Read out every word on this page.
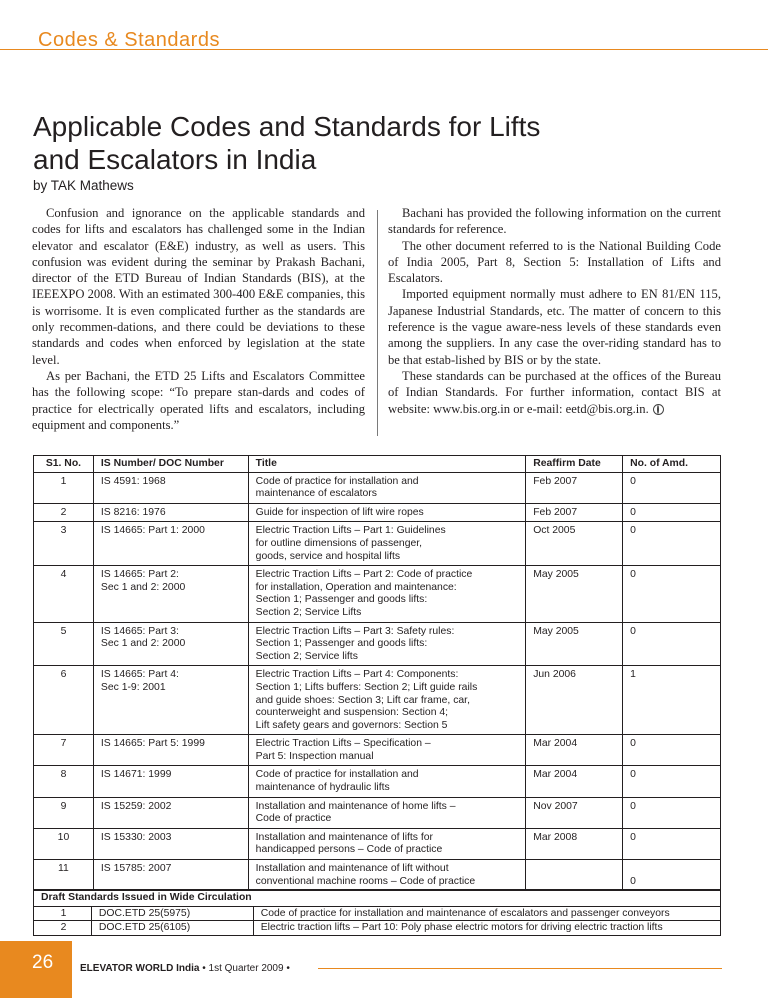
Codes & Standards
Applicable Codes and Standards for Lifts and Escalators in India
by TAK Mathews

Confusion and ignorance on the applicable standards and codes for lifts and escalators has challenged some in the Indian elevator and escalator (E&E) industry, as well as users. This confusion was evident during the seminar by Prakash Bachani, director of the ETD Bureau of Indian Standards (BIS), at the IEEEXPO 2008. With an estimated 300-400 E&E companies, this is worrisome. It is even complicated further as the standards are only recommen-dations, and there could be deviations to these standards and codes when enforced by legislation at the state level.

As per Bachani, the ETD 25 Lifts and Escalators Committee has the following scope: “To prepare stan-dards and codes of practice for electrically operated lifts and escalators, including equipment and components.”

Bachani has provided the following information on the current standards for reference.

The other document referred to is the National Building Code of India 2005, Part 8, Section 5: Installation of Lifts and Escalators.

Imported equipment normally must adhere to EN 81/EN 115, Japanese Industrial Standards, etc. The matter of concern to this reference is the vague aware-ness levels of these standards even among the suppliers. In any case the over-riding standard has to be that estab-lished by BIS or by the state.

These standards can be purchased at the offices of the Bureau of Indian Standards. For further information, contact BIS at website: www.bis.org.in or e-mail: eetd@bis.org.in.

S1. No.	IS Number/ DOC Number	Title	Reaffirm Date	No. of Amd.
1	IS 4591: 1968	Code of practice for installation and
maintenance of escalators	Feb 2007	0
2	IS 8216: 1976	Guide for inspection of lift wire ropes	Feb 2007	0
3	IS 14665: Part 1: 2000	Electric Traction Lifts – Part 1: Guidelines
for outline dimensions of passenger,
goods, service and hospital lifts	Oct 2005	0
4	IS 14665: Part 2:
Sec 1 and 2: 2000	Electric Traction Lifts – Part 2: Code of practice
for installation, Operation and maintenance:
Section 1; Passenger and goods lifts:
Section 2; Service Lifts	May 2005	0
5	IS 14665: Part 3:
Sec 1 and 2: 2000	Electric Traction Lifts – Part 3: Safety rules:
Section 1; Passenger and goods lifts:
Section 2; Service lifts	May 2005	0
6	IS 14665: Part 4:
Sec 1-9: 2001	Electric Traction Lifts – Part 4: Components:
Section 1; Lifts buffers: Section 2; Lift guide rails
and guide shoes: Section 3; Lift car frame, car,
counterweight and suspension: Section 4;
Lift safety gears and governors: Section 5	Jun 2006	1
7	IS 14665: Part 5: 1999	Electric Traction Lifts – Specification –
Part 5: Inspection manual	Mar 2004	0
8	IS 14671: 1999	Code of practice for installation and
maintenance of hydraulic lifts	Mar 2004	0
9	IS 15259: 2002	Installation and maintenance of home lifts –
Code of practice	Nov 2007	0
10	IS 15330: 2003	Installation and maintenance of lifts for
handicapped persons – Code of practice	Mar 2008	0
11	IS 15785: 2007	Installation and maintenance of lift without
conventional machine rooms – Code of practice		0
Draft Standards Issued in Wide Circulation		
1	DOC.ETD 25(5975)	Code of practice for installation and maintenance of escalators and passenger conveyors
2	DOC.ETD 25(6105)	Electric traction lifts – Part 10: Poly phase electric motors for driving electric traction lifts
26	ELEVATOR WORLD India • 1st Quarter 2009 •
